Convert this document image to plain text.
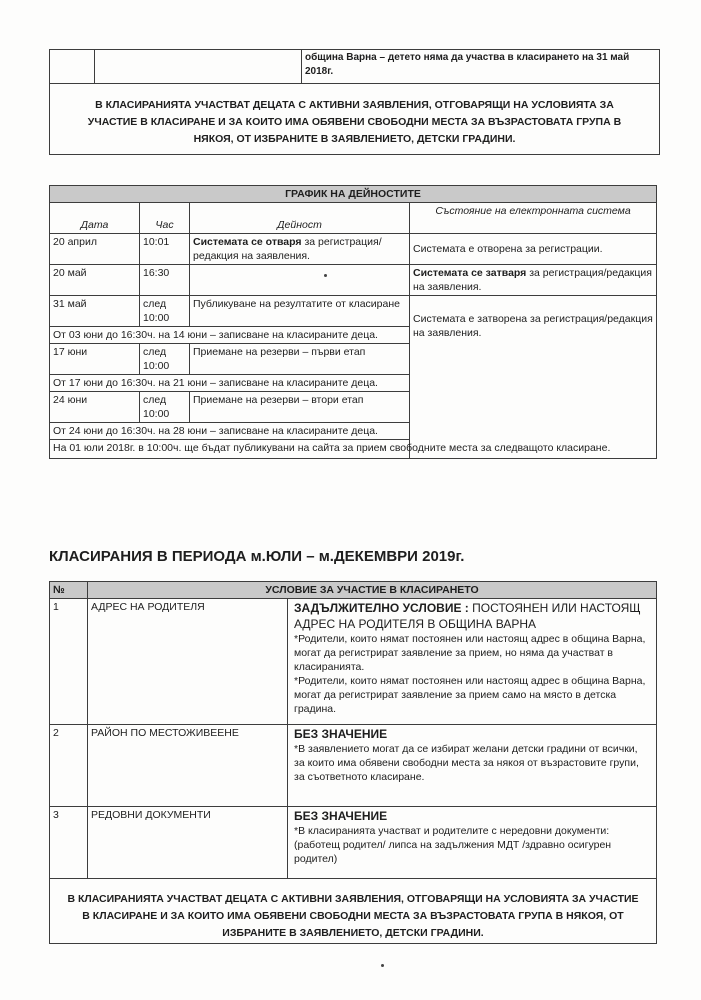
		община Варна – детето няма да участва в класирането на 31 май 2018г.
В КЛАСИРАНИЯТА УЧАСТВАТ ДЕЦАТА С АКТИВНИ ЗАЯВЛЕНИЯ, ОТГОВАРЯЩИ НА УСЛОВИЯТА ЗА УЧАСТИЕ В КЛАСИРАНЕ И ЗА КОИТО ИМА ОБЯВЕНИ СВОБОДНИ МЕСТА ЗА ВЪЗРАСТОВАТА ГРУПА В НЯКОЯ, ОТ ИЗБРАНИТЕ В ЗАЯВЛЕНИЕТО, ДЕТСКИ ГРАДИНИ.
ГРАФИК НА ДЕЙНОСТИТЕ			
Дата	Час	Дейност	Състояние на електронната система
20 април	10:01	Системата се отваря за регистрация/редакция на заявления.	Системата е отворена за регистрации.
20 май	16:30		Системата се затваря за регистрация/редакция на заявления.
31 май	след 10:00	Публикуване на резултатите от класиране	Системата е затворена за регистрация/редакция на заявления.
От 03 юни до 16:30ч. на 14 юни – записване на класираните деца.			
17 юни	след 10:00	Приемане на резерви – първи етап	
От 17 юни до 16:30ч. на 21 юни – записване на класираните деца.			
24 юни	след 10:00	Приемане на резерви – втори етап	
От 24 юни до 16:30ч. на 28 юни – записване на класираните деца.			
На 01 юли 2018г. в 10:00ч. ще бъдат публикувани на сайта за прием свободните места за следващото класиране.			
КЛАСИРАНИЯ В ПЕРИОДА м.ЮЛИ – м.ДЕКЕМВРИ 2019г.
№	УСЛОВИЕ ЗА УЧАСТИЕ В КЛАСИРАНЕТО	
1	АДРЕС НА РОДИТЕЛЯ	ЗАДЪЛЖИТЕЛНО УСЛОВИЕ : ПОСТОЯНЕН ИЛИ НАСТОЯЩ АДРЕС НА РОДИТЕЛЯ В ОБЩИНА ВАРНА
*Родители, които нямат постоянен или настоящ адрес в община Варна, могат да регистрират заявление за прием, но няма да участват в класиранията.
*Родители, които нямат постоянен или настоящ адрес в община Варна, могат да регистрират заявление за прием само на място в детска градина.

2	РАЙОН ПО МЕСТОЖИВЕЕНЕ	БЕЗ ЗНАЧЕНИЕ
*В заявлението могат да се избират желани детски градини от всички, за които има обявени свободни места за някоя от възрастовите групи, за съответното класиране.

3	РЕДОВНИ ДОКУМЕНТИ	БЕЗ ЗНАЧЕНИЕ
*В класиранията участват и родителите с нередовни документи: (работещ родител/ липса на задължения МДТ /здравно осигурен родител)
В КЛАСИРАНИЯТА УЧАСТВАТ ДЕЦАТА С АКТИВНИ ЗАЯВЛЕНИЯ, ОТГОВАРЯЩИ НА УСЛОВИЯТА ЗА УЧАСТИЕ В КЛАСИРАНЕ И ЗА КОИТО ИМА ОБЯВЕНИ СВОБОДНИ МЕСТА ЗА ВЪЗРАСТОВАТА ГРУПА В НЯКОЯ, ОТ ИЗБРАНИТЕ В ЗАЯВЛЕНИЕТО, ДЕТСКИ ГРАДИНИ.
